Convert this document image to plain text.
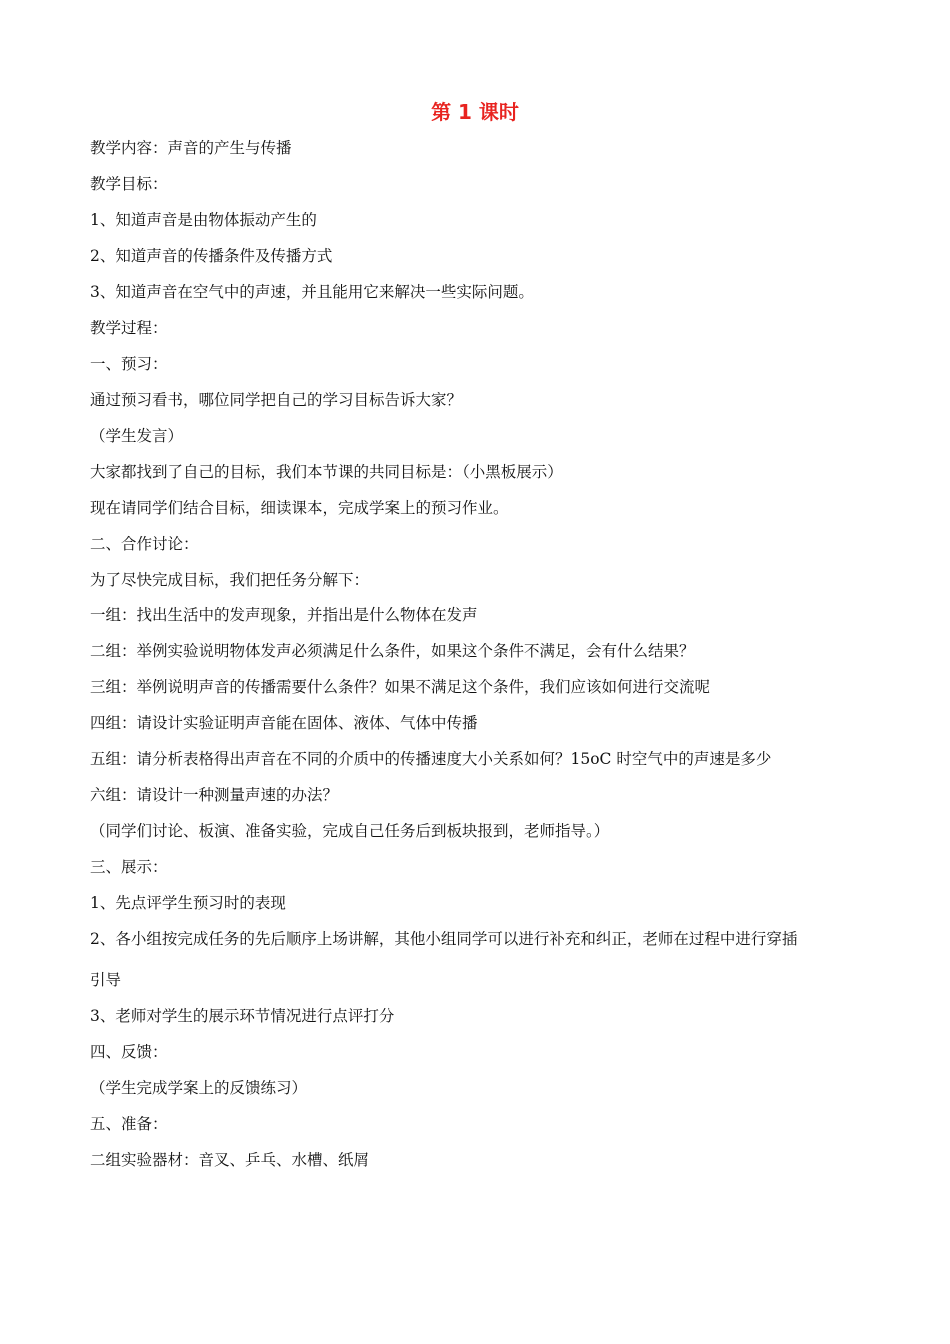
第 1 课时
教学内容：声音的产生与传播
教学目标：
1、知道声音是由物体振动产生的
2、知道声音的传播条件及传播方式
3、知道声音在空气中的声速，并且能用它来解决一些实际问题。
教学过程：
一、预习：
通过预习看书，哪位同学把自己的学习目标告诉大家？
（学生发言）
大家都找到了自己的目标，我们本节课的共同目标是：（小黑板展示）
现在请同学们结合目标，细读课本，完成学案上的预习作业。
二、合作讨论：
为了尽快完成目标，我们把任务分解下：
一组：找出生活中的发声现象，并指出是什么物体在发声
二组：举例实验说明物体发声必须满足什么条件，如果这个条件不满足，会有什么结果？
三组：举例说明声音的传播需要什么条件？如果不满足这个条件，我们应该如何进行交流呢
四组：请设计实验证明声音能在固体、液体、气体中传播
五组：请分析表格得出声音在不同的介质中的传播速度大小关系如何？15oC 时空气中的声速是多少
六组：请设计一种测量声速的办法？
（同学们讨论、板演、准备实验，完成自己任务后到板块报到，老师指导。）
三、展示：
1、先点评学生预习时的表现
2、各小组按完成任务的先后顺序上场讲解，其他小组同学可以进行补充和纠正，老师在过程中进行穿插
引导
3、老师对学生的展示环节情况进行点评打分
四、反馈：
（学生完成学案上的反馈练习）
五、准备：
二组实验器材：音叉、乒乓、水槽、纸屑
